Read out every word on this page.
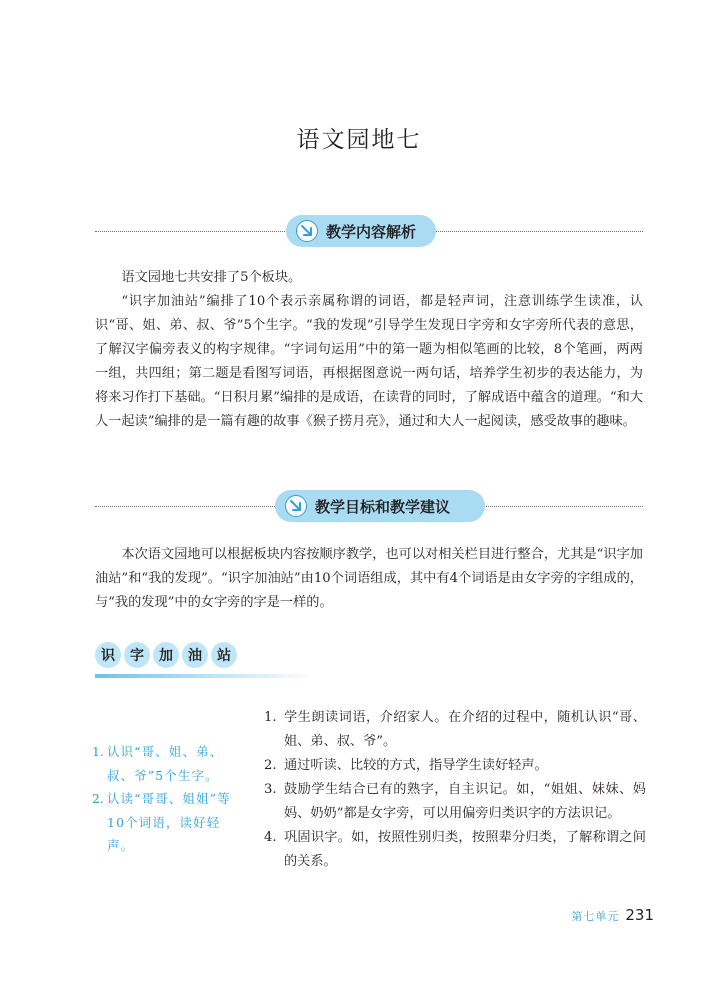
语文园地七
教学内容解析

语文园地七共安排了5个板块。

“识字加油站”编排了10个表示亲属称谓的词语，都是轻声词，注意训练学生读准，认识“哥、姐、弟、叔、爷”5个生字。“我的发现”引导学生发现日字旁和女字旁所代表的意思，了解汉字偏旁表义的构字规律。“字词句运用”中的第一题为相似笔画的比较，8个笔画，两两一组，共四组；第二题是看图写词语，再根据图意说一两句话，培养学生初步的表达能力，为将来习作打下基础。“日积月累”编排的是成语，在读背的同时，了解成语中蕴含的道理。“和大人一起读”编排的是一篇有趣的故事《猴子捞月亮》，通过和大人一起阅读，感受故事的趣味。

教学目标和教学建议

本次语文园地可以根据板块内容按顺序教学，也可以对相关栏目进行整合，尤其是“识字加油站”和“我的发现”。“识字加油站”由10个词语组成，其中有4个词语是由女字旁的字组成的，与“我的发现”中的女字旁的字是一样的。

识	字	加	油	站
1. 认识“哥、姐、弟、叔、爷”5个生字。
2. 认读“哥哥、姐姐”等10个词语，读好轻声。
1. 学生朗读词语，介绍家人。在介绍的过程中，随机认识“哥、姐、弟、叔、爷”。
2. 通过听读、比较的方式，指导学生读好轻声。
3. 鼓励学生结合已有的熟字，自主识记。如，“姐姐、妹妹、妈妈、奶奶”都是女字旁，可以用偏旁归类识字的方法识记。
4. 巩固识字。如，按照性别归类，按照辈分归类，了解称谓之间的关系。
第七单元 231
